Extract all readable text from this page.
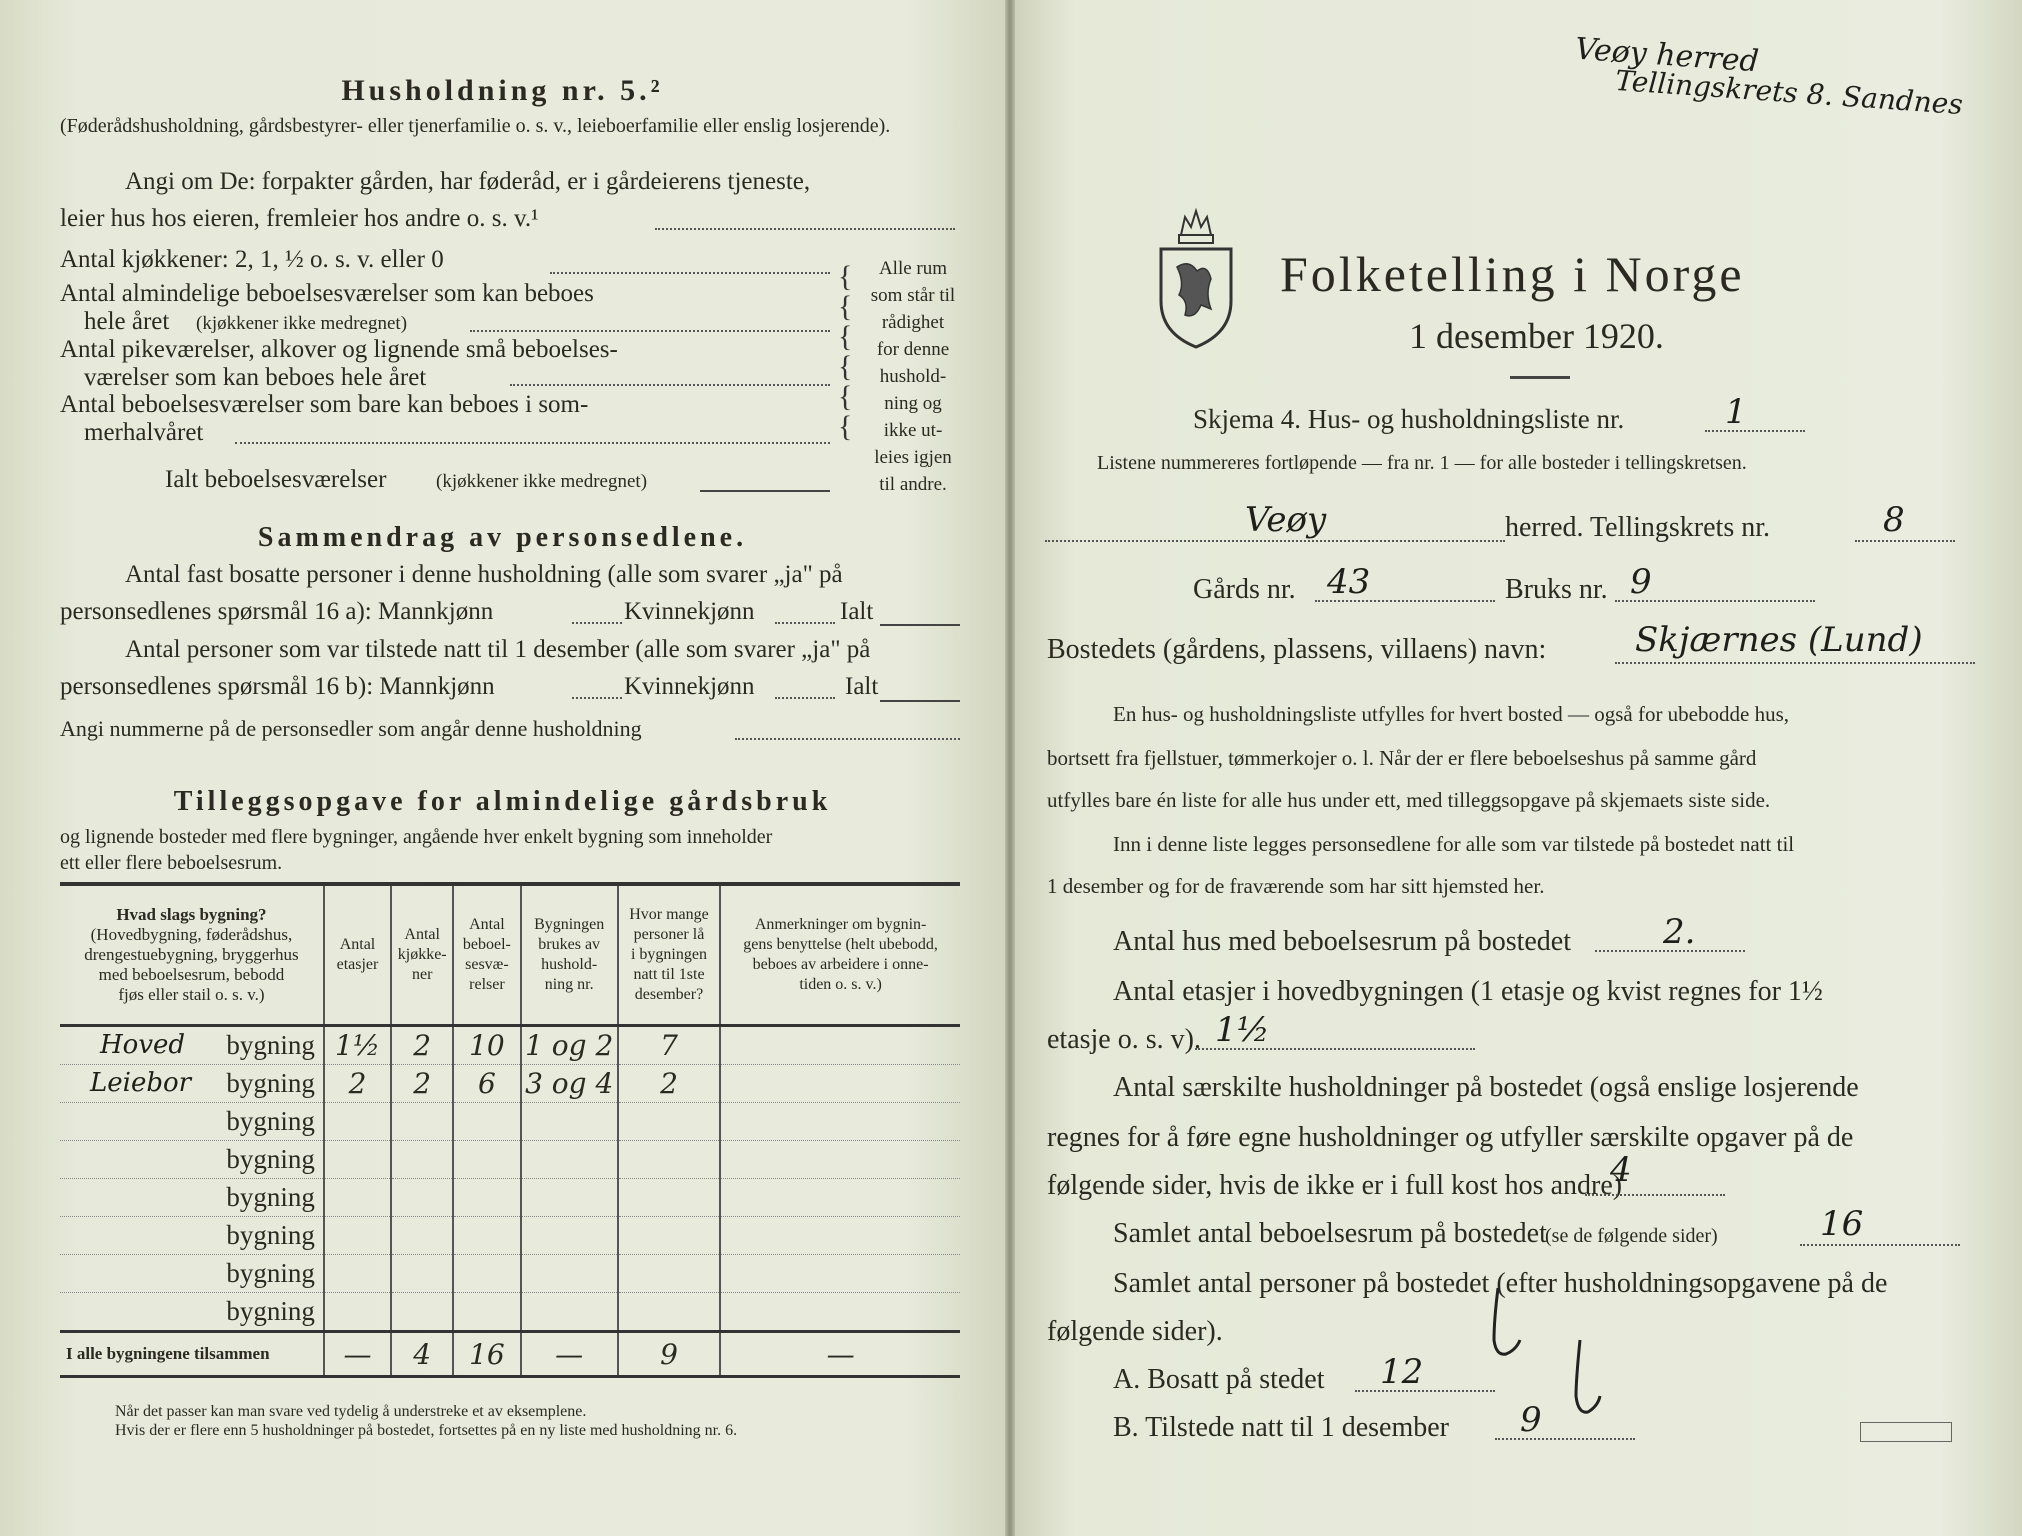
Husholdning nr. 5.²
(Føderådshusholdning, gårdsbestyrer- eller tjenerfamilie o. s. v., leieboerfamilie eller enslig losjerende).
Angi om De: forpakter gården, har føderåd, er i gårdeierens tjeneste,
leier hus hos eieren, fremleier hos andre o. s. v.¹
Antal kjøkkener: 2, 1, ½ o. s. v. eller 0
Antal almindelige beboelsesværelser som kan beboes
hele året (kjøkkener ikke medregnet)
Antal pikeværelser, alkover og lignende små beboelses-
værelser som kan beboes hele året
Antal beboelsesværelser som bare kan beboes i som-
merhalvåret
Ialt beboelsesværelser	(kjøkkener ikke medregnet)
{
{
{
{
{
{
Alle rum
som står til
rådighet
for denne
hushold-
ning og
ikke ut-
leies igjen
til andre.
Sammendrag av personsedlene.
Antal fast bosatte personer i denne husholdning (alle som svarer „ja" på
personsedlenes spørsmål 16 a): Mannkjønn	Kvinnekjønn	Ialt
Antal personer som var tilstede natt til 1 desember (alle som svarer „ja" på
personsedlenes spørsmål 16 b): Mannkjønn	Kvinnekjønn	Ialt
Angi nummerne på de personsedler som angår denne husholdning
Tilleggsopgave for almindelige gårdsbruk
og lignende bosteder med flere bygninger, angående hver enkelt bygning som inneholder
ett eller flere beboelsesrum.
Hvad slags bygning?
(Hovedbygning, føderådshus,
drengestuebygning, bryggerhus
med beboelsesrum, bebodd
fjøs eller stail o. s. v.)	Antal
etasjer	Antal
kjøkke-
ner	Antal
beboel-
sesvæ-
relser	Bygningen
brukes av
hushold-
ning nr.	Hvor mange
personer lå
i bygningen
natt til 1ste
desember?	Anmerkninger om bygnin-
gens benyttelse (helt ubebodd,
beboes av arbeidere i onne-
tiden o. s. v.)

Hoved bygning	1½	2	10	1 og 2	7	

Leiebor bygning	2	2	6	3 og 4	2	
bygning						
bygning						
bygning						
bygning						
bygning						
bygning						
I alle bygningene tilsammen	—	4	16	—	9	—
Når det passer kan man svare ved tydelig å understreke et av eksemplene.
Hvis der er flere enn 5 husholdninger på bostedet, fortsettes på en ny liste med husholdning nr. 6.
Veøy herred
Tellingskrets 8. Sandnes
Folketelling i Norge
1 desember 1920.
Skjema 4. Hus- og husholdningsliste nr.	1
Listene nummereres fortløpende — fra nr. 1 — for alle bosteder i tellingskretsen.
Veøy	herred. Tellingskrets nr.	8
Gårds nr. 43	Bruks nr. 9
Bostedets (gårdens, plassens, villaens) navn:	Skjærnes (Lund)
En hus- og husholdningsliste utfylles for hvert bosted — også for ubebodde hus,
bortsett fra fjellstuer, tømmerkojer o. l. Når der er flere beboelseshus på samme gård
utfylles bare én liste for alle hus under ett, med tilleggsopgave på skjemaets siste side.
Inn i denne liste legges personsedlene for alle som var tilstede på bostedet natt til
1 desember og for de fraværende som har sitt hjemsted her.
Antal hus med beboelsesrum på bostedet	2.
Antal etasjer i hovedbygningen (1 etasje og kvist regnes for 1½
etasje o. s. v). 1½
Antal særskilte husholdninger på bostedet (også enslige losjerende
regnes for å føre egne husholdninger og utfyller særskilte opgaver på de
følgende sider, hvis de ikke er i full kost hos andre)
4
Samlet antal beboelsesrum på bostedet
(se de følgende sider)	16
Samlet antal personer på bostedet (efter husholdningsopgavene på de
følgende sider).
A. Bosatt på stedet 12
B. Tilstede natt til 1 desember 9
